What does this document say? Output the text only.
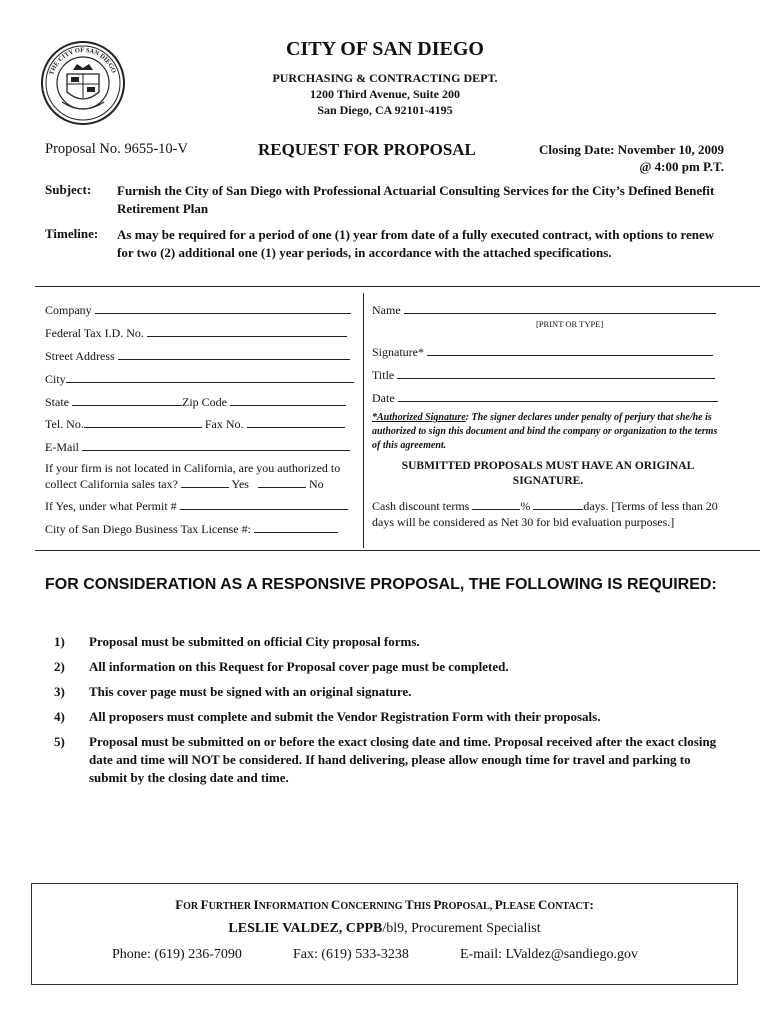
THE CITY OF SAN DIEGO
CITY OF SAN DIEGO
PURCHASING & CONTRACTING DEPT.
1200 Third Avenue, Suite 200
San Diego, CA 92101-4195
Proposal No. 9655-10-V	REQUEST FOR PROPOSAL	Closing Date: November 10, 2009
@ 4:00 pm P.T.
Subject: Furnish the City of San Diego with Professional Actuarial Consulting Services for the City’s Defined Benefit Retirement Plan
Timeline: As may be required for a period of one (1) year from date of a fully executed contract, with options to renew for two (2) additional one (1) year periods, in accordance with the attached specifications.
Company
Federal Tax I.D. No.
Street Address
City
State	Zip Code
Tel. No.	Fax No.
E-Mail
If your firm is not located in California, are you authorized to
collect California sales tax?	Yes	No
If Yes, under what Permit #
City of San Diego Business Tax License #:
Name
[PRINT OR TYPE]
Signature*
Title
Date
*Authorized Signature: The signer declares under penalty of perjury that she/he is authorized to sign this document and bind the company or organization to the terms of this agreement.
SUBMITTED PROPOSALS MUST HAVE AN ORIGINAL SIGNATURE.
Cash discount terms	%	days. [Terms of less than 20 days will be considered as Net 30 for bid evaluation purposes.]
FOR CONSIDERATION AS A RESPONSIVE PROPOSAL, THE FOLLOWING IS REQUIRED:
1)	Proposal must be submitted on official City proposal forms.
2)	All information on this Request for Proposal cover page must be completed.
3)	This cover page must be signed with an original signature.
4)	All proposers must complete and submit the Vendor Registration Form with their proposals.
5)	Proposal must be submitted on or before the exact closing date and time. Proposal received after the exact closing date and time will NOT be considered. If hand delivering, please allow enough time for travel and parking to submit by the closing date and time.
FOR FURTHER INFORMATION CONCERNING THIS PROPOSAL, PLEASE CONTACT:
LESLIE VALDEZ, CPPB/bl9, Procurement Specialist
Phone: (619) 236-7090	Fax: (619) 533-3238	E-mail: LValdez@sandiego.gov
